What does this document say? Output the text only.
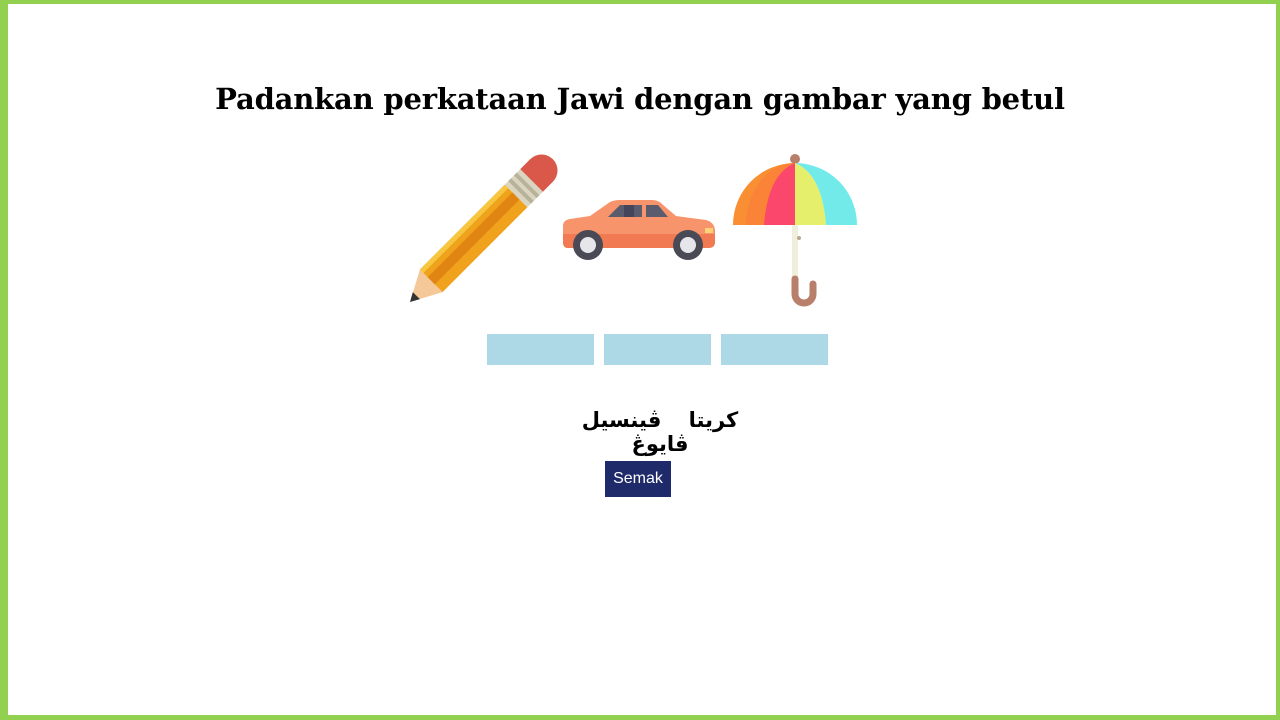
Padankan perkataan Jawi dengan gambar yang betul
كريتا ڤينسيل ڤايوڠ
Semak
